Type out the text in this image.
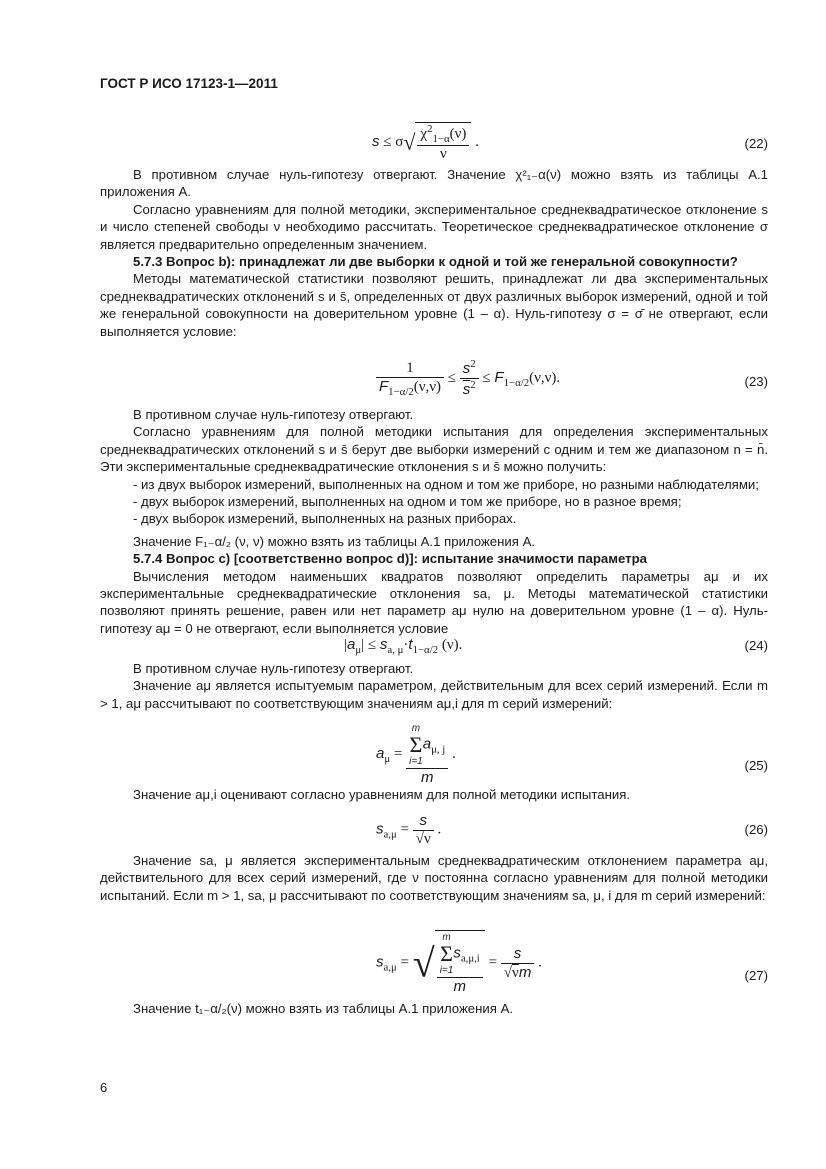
ГОСТ Р ИСО 17123-1—2011
$s \le \sigma√ \frac{\chi^2_{1-\alpha}(\nu)}{\nu}$ .	(22)

В противном случае нуль-гипотезу отвергают. Значение χ²₁₋α(ν) можно взять из таблицы А.1 приложения А.

Согласно уравнениям для полной методики, экспериментальное среднеквадратическое отклонение s и число степеней свободы ν необходимо рассчитать. Теоретическое среднеквадратическое отклонение σ является предварительно определенным значением.

5.7.3 Вопрос b): принадлежат ли две выборки к одной и той же генеральной совокупности?

Методы математической статистики позволяют решить, принадлежат ли два экспериментальных среднеквадратических отклонений s и s̄, определенных от двух различных выборок измерений, одной и той же генеральной совокупности на доверительном уровне (1 – α). Нуль-гипотезу σ = σ̄ не отвергают, если выполняется условие:

$\frac{1}{F_{1-\alpha/2}(\nu,\nu)} \le \frac{s^2}{\overline{s}^2} \le F_{1-\alpha/2}(\nu,\nu)$.	(23)

В противном случае нуль-гипотезу отвергают.

Согласно уравнениям для полной методики испытания для определения экспериментальных среднеквадратических отклонений s и s̄ берут две выборки измерений с одним и тем же диапазоном n = n̄. Эти экспериментальные среднеквадратические отклонения s и s̄ можно получить:

- из двух выборок измерений, выполненных на одном и том же приборе, но разными наблюдателями;

- двух выборок измерений, выполненных на одном и том же приборе, но в разное время;

- двух выборок измерений, выполненных на разных приборах.

Значение F₁₋α/₂ (ν, ν) можно взять из таблицы А.1 приложения А.

5.7.4 Вопрос c) [соответственно вопрос d)]: испытание значимости параметра

Вычисления методом наименьших квадратов позволяют определить параметры aμ и их экспериментальные среднеквадратические отклонения sa, μ. Методы математической статистики позволяют принять решение, равен или нет параметр aμ нулю на доверительном уровне (1 – α). Нуль-гипотезу aμ = 0 не отвергают, если выполняется условие

$|a_\mu| \le s_{a, \mu}\cdot t_{1-\alpha/2}$ (ν).	(24)

В противном случае нуль-гипотезу отвергают.

Значение aμ является испытуемым параметром, действительным для всех серий измерений. Если m > 1, aμ рассчитывают по соответствующим значениям aμ,i для m серий измерений:

$a_\mu = m$
Σ
i=1
$a_{\mu, j}$
m .
(25)

Значение aμ,i оценивают согласно уравнениям для полной методики испытания.

$s_{a,\mu} = \frac{s}{√\nu}$ .	(26)

Значение sa, μ является экспериментальным среднеквадратическим отклонением параметра aμ, действительного для всех серий измерений, где ν постоянна согласно уравнениям для полной методики испытаний. Если m > 1, sa, μ рассчитывают по соответствующим значениям sa, μ, i для m серий измерений:

$s_{a,\mu}$ = √ m
Σ
i=1
$s_{a,\mu,i}$
$m = \frac{s}{√\nu m}$ .
(27)

Значение t₁₋α/₂(ν) можно взять из таблицы А.1 приложения А.

6
